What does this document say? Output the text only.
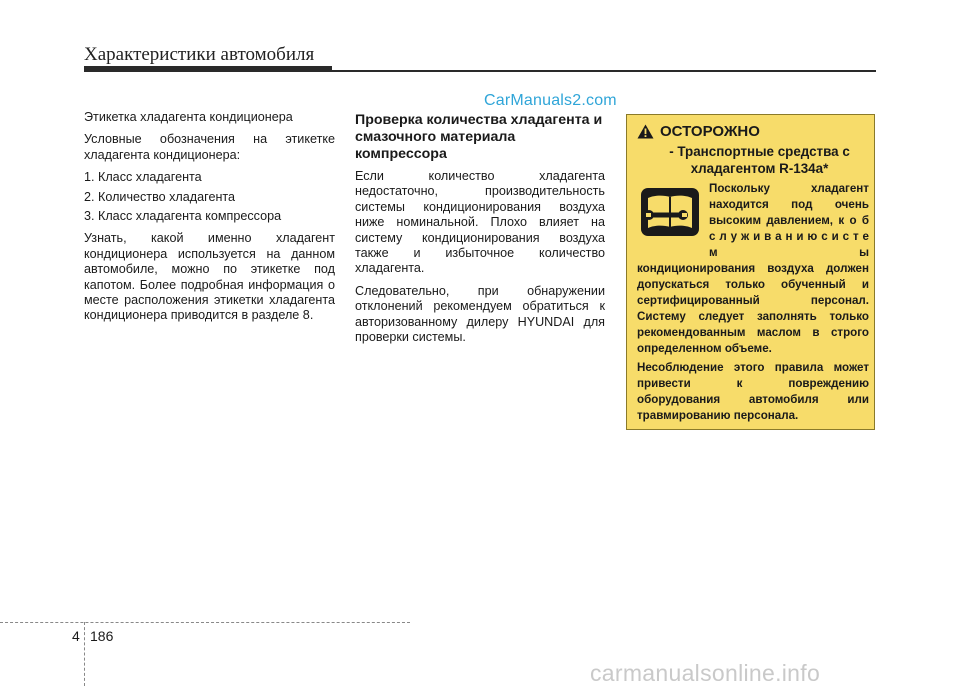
Характеристики автомобиля
CarManuals2.com

Этикетка хладагента кондиционера

Условные обозначения на этикетке хладагента кондиционера:

1. Класс хладагента
2. Количество хладагента
3. Класс хладагента компрессора

Узнать, какой именно хладагент кондиционера используется на данном автомобиле, можно по этикетке под капотом. Более подробная информация о месте расположения этикетки хладагента кондиционера приводится в разделе 8.

Проверка количества хладагента и смазочного материала компрессора

Если количество хладагента недостаточно, производительность системы кондиционирования воздуха ниже номинальной. Плохо влияет на систему кондиционирования воздуха также и избыточное количество хладагента.

Следовательно, при обнаружении отклонений рекомендуем обратиться к авторизованному дилеру HYUNDAI для проверки системы.

ОСТОРОЖНО
- Транспортные средства с хладагентом R-134a*
Поскольку хладагент находится под очень высоким давлением, к о б с л у ж и в а н и ю с и с т е м ы

кондиционирования воздуха должен допускаться только обученный и сертифицированный персонал. Систему следует заполнять только рекомендованным маслом в строго определенном объеме.

Несоблюдение этого правила может привести к повреждению оборудования автомобиля или травмированию персонала.

4 186
carmanualsonline.info
